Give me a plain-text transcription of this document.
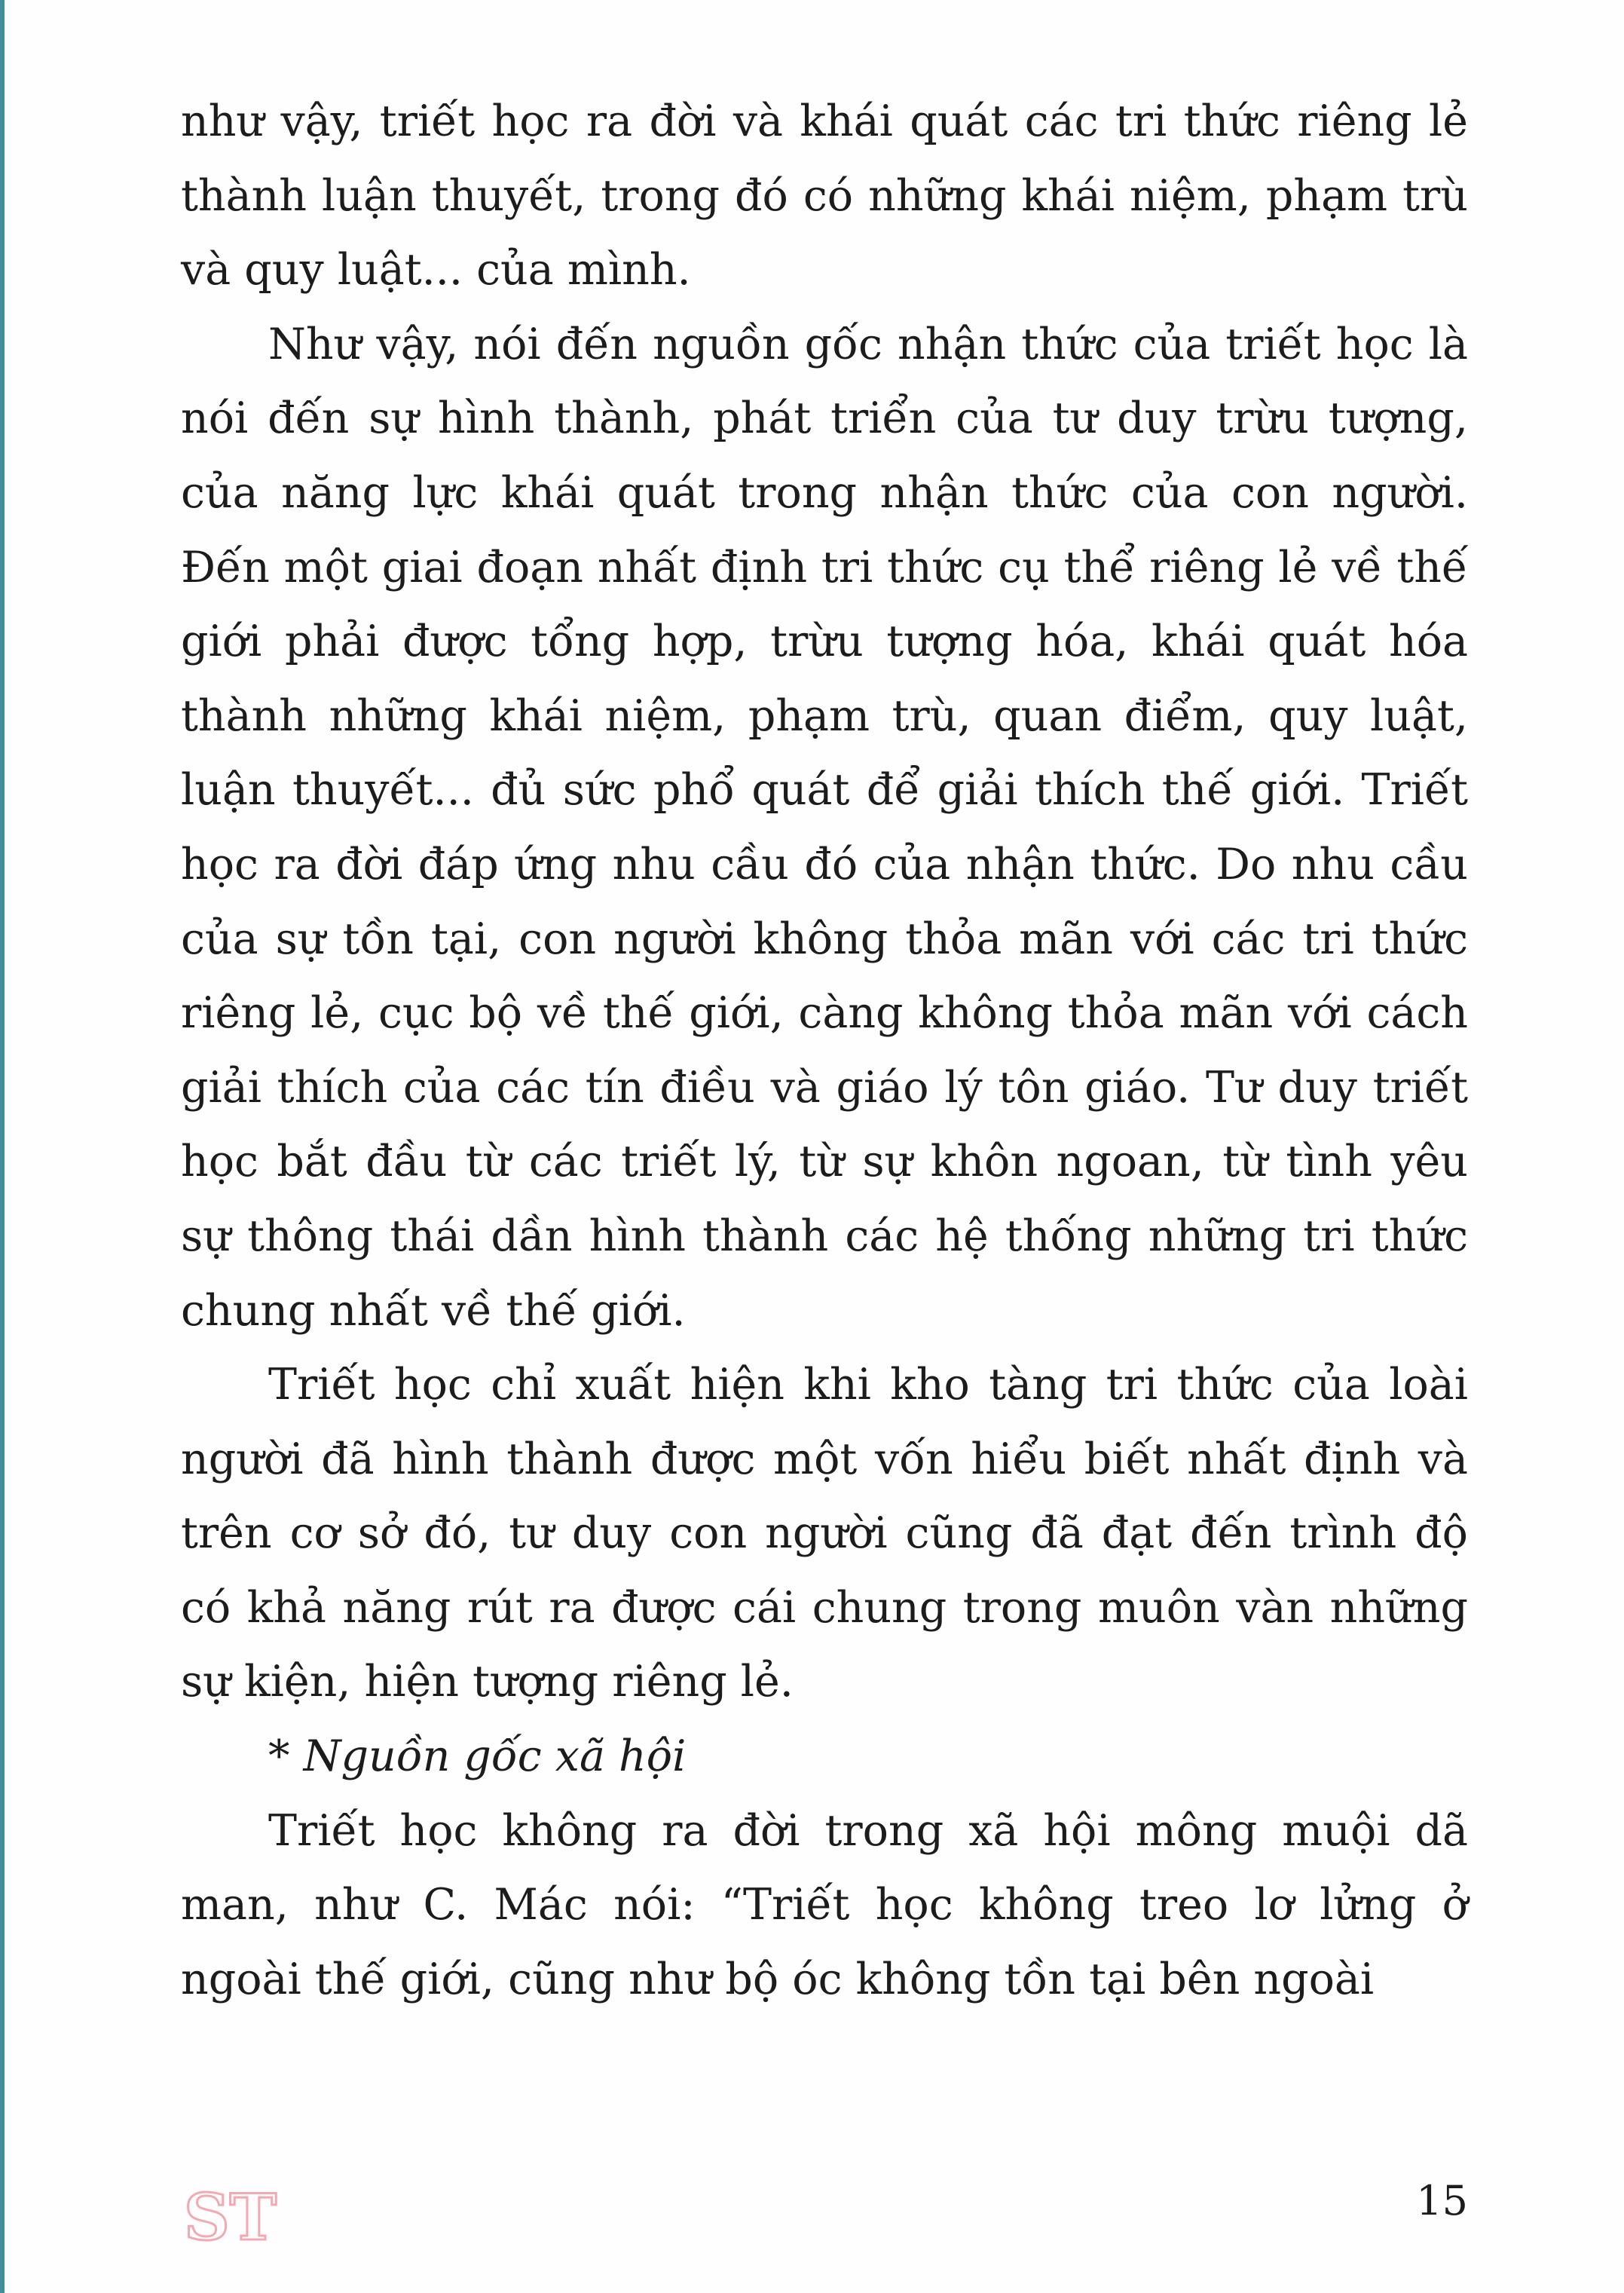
như vậy, triết học ra đời và khái quát các tri thức riêng lẻ thành luận thuyết, trong đó có những khái niệm, phạm trù và quy luật... của mình.

Như vậy, nói đến nguồn gốc nhận thức của triết học là nói đến sự hình thành, phát triển của tư duy trừu tượng, của năng lực khái quát trong nhận thức của con người. Đến một giai đoạn nhất định tri thức cụ thể riêng lẻ về thế giới phải được tổng hợp, trừu tượng hóa, khái quát hóa thành những khái niệm, phạm trù, quan điểm, quy luật, luận thuyết... đủ sức phổ quát để giải thích thế giới. Triết học ra đời đáp ứng nhu cầu đó của nhận thức. Do nhu cầu của sự tồn tại, con người không thỏa mãn với các tri thức riêng lẻ, cục bộ về thế giới, càng không thỏa mãn với cách giải thích của các tín điều và giáo lý tôn giáo. Tư duy triết học bắt đầu từ các triết lý, từ sự khôn ngoan, từ tình yêu sự thông thái dần hình thành các hệ thống những tri thức chung nhất về thế giới.

Triết học chỉ xuất hiện khi kho tàng tri thức của loài người đã hình thành được một vốn hiểu biết nhất định và trên cơ sở đó, tư duy con người cũng đã đạt đến trình độ có khả năng rút ra được cái chung trong muôn vàn những sự kiện, hiện tượng riêng lẻ.

* Nguồn gốc xã hội

Triết học không ra đời trong xã hội mông muội dã man, như C. Mác nói: “Triết học không treo lơ lửng ở ngoài thế giới, cũng như bộ óc không tồn tại bên ngoài

ST	15
